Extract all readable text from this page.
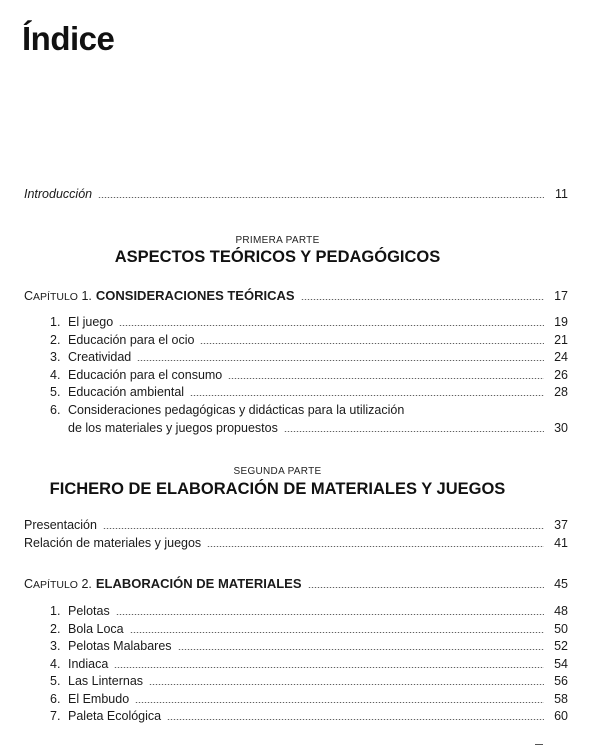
Índice
Introducción	11
PRIMERA PARTE
ASPECTOS TEÓRICOS Y PEDAGÓGICOS
CAPÍTULO 1. CONSIDERACIONES TEÓRICAS	17
1. El juego	19
2. Educación para el ocio	21
3. Creatividad	24
4. Educación para el consumo	26
5. Educación ambiental	28
6. Consideraciones pedagógicas y didácticas para la utilización
de los materiales y juegos propuestos	30
SEGUNDA PARTE
FICHERO DE ELABORACIÓN DE MATERIALES Y JUEGOS
Presentación	37
Relación de materiales y juegos	41
CAPÍTULO 2. ELABORACIÓN DE MATERIALES	45
1. Pelotas	48
2. Bola Loca	50
3. Pelotas Malabares	52
4. Indiaca	54
5. Las Linternas	56
6. El Embudo	58
7. Paleta Ecológica	60
